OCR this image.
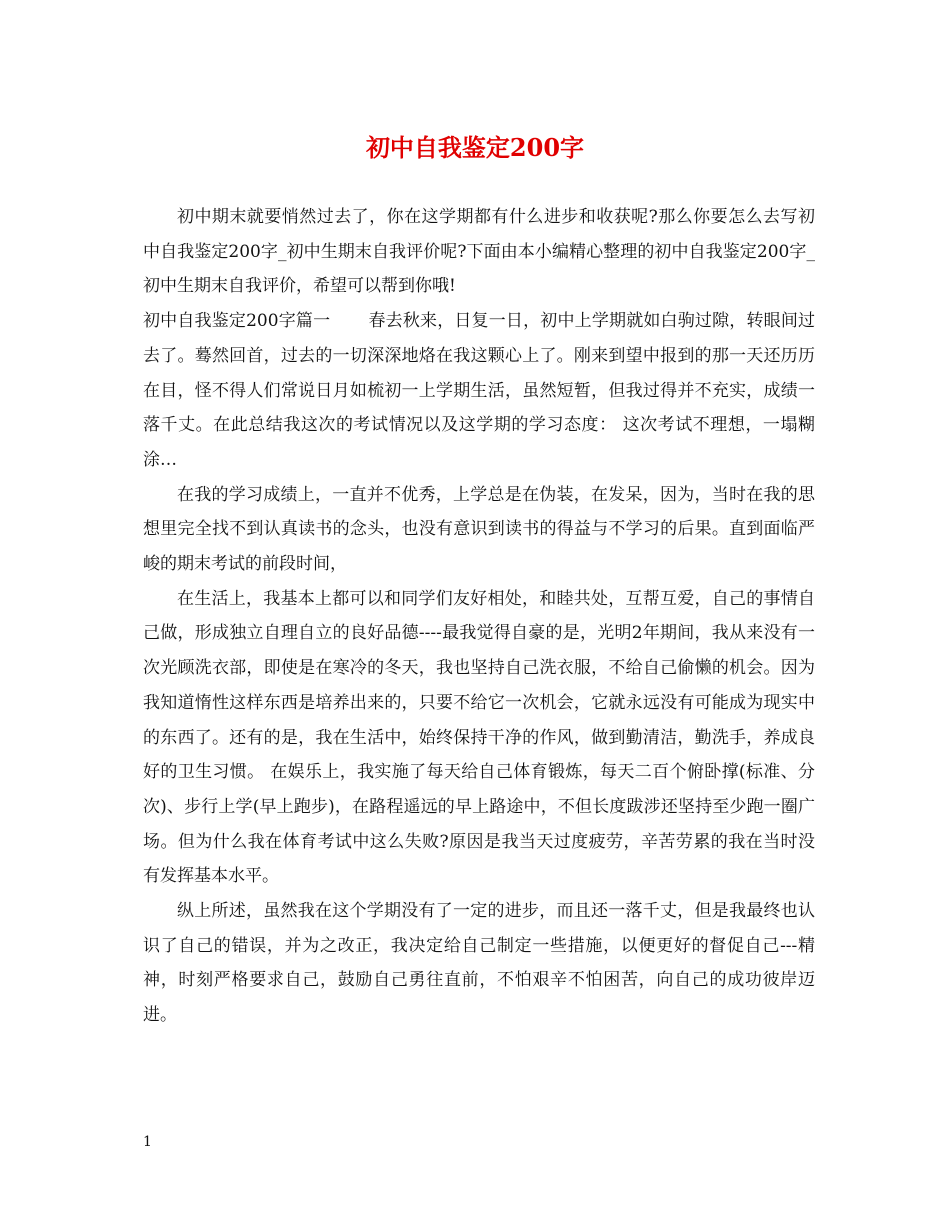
初中自我鉴定200字

初中期末就要悄然过去了，你在这学期都有什么进步和收获呢?那么你要怎么去写初中自我鉴定200字_初中生期末自我评价呢?下面由本小编精心整理的初中自我鉴定200字_初中生期末自我评价，希望可以帮到你哦!

初中自我鉴定200字篇一 春去秋来，日复一日，初中上学期就如白驹过隙，转眼间过去了。蓦然回首，过去的一切深深地烙在我这颗心上了。刚来到望中报到的那一天还历历在目，怪不得人们常说日月如梳初一上学期生活，虽然短暂，但我过得并不充实，成绩一落千丈。在此总结我这次的考试情况以及这学期的学习态度： 这次考试不理想，一塌糊涂…

在我的学习成绩上，一直并不优秀，上学总是在伪装，在发呆，因为，当时在我的思想里完全找不到认真读书的念头，也没有意识到读书的得益与不学习的后果。直到面临严峻的期末考试的前段时间，

在生活上，我基本上都可以和同学们友好相处，和睦共处，互帮互爱，自己的事情自己做，形成独立自理自立的良好品德----最我觉得自豪的是，光明2年期间，我从来没有一次光顾洗衣部，即使是在寒冷的冬天，我也坚持自己洗衣服，不给自己偷懒的机会。因为我知道惰性这样东西是培养出来的，只要不给它一次机会，它就永远没有可能成为现实中的东西了。还有的是，我在生活中，始终保持干净的作风，做到勤清洁，勤洗手，养成良好的卫生习惯。 在娱乐上，我实施了每天给自己体育锻炼，每天二百个俯卧撑(标准、分次)、步行上学(早上跑步)，在路程遥远的早上路途中，不但长度跋涉还坚持至少跑一圈广场。但为什么我在体育考试中这么失败?原因是我当天过度疲劳，辛苦劳累的我在当时没有发挥基本水平。

纵上所述，虽然我在这个学期没有了一定的进步，而且还一落千丈，但是我最终也认识了自己的错误，并为之改正，我决定给自己制定一些措施，以便更好的督促自己---精神，时刻严格要求自己，鼓励自己勇往直前，不怕艰辛不怕困苦，向自己的成功彼岸迈进。

1
